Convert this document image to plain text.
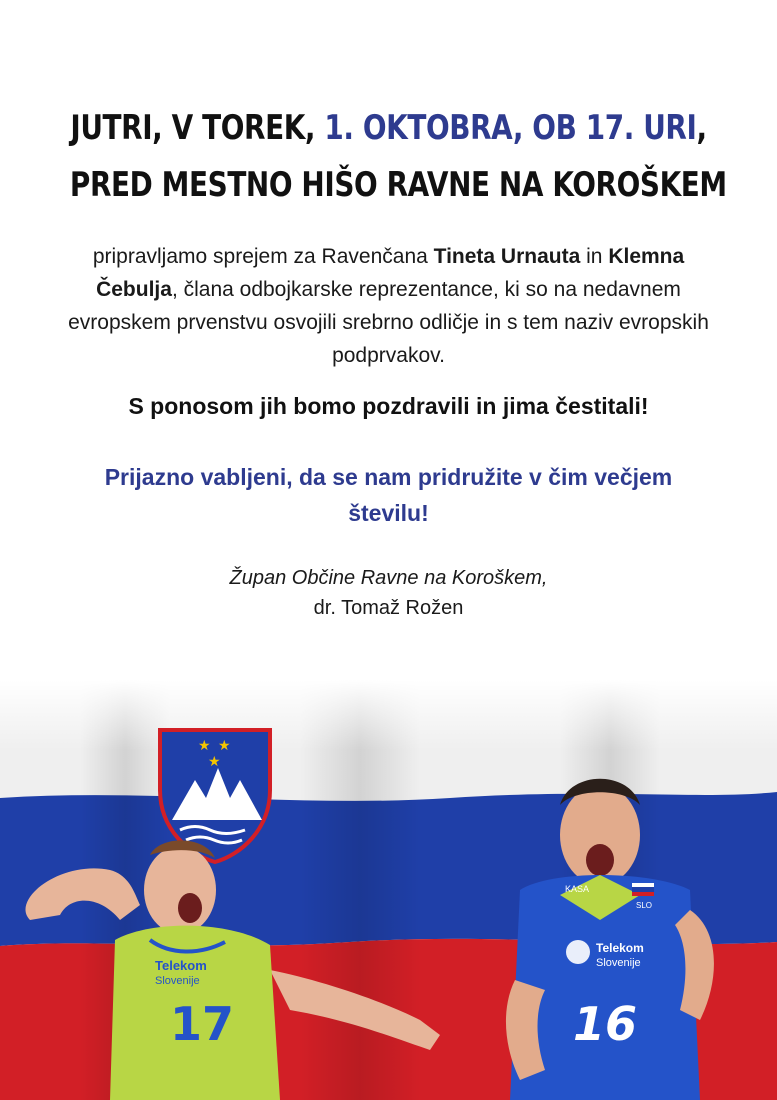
JUTRI, V TOREK, 1. OKTOBRA, OB 17. URI,
PRED MESTNO HIŠO RAVNE NA KOROŠKEM
pripravljamo sprejem za Ravenčana Tineta Urnauta in Klemna Čebulja, člana odbojkarske reprezentance, ki so na nedavnem evropskem prvenstvu osvojili srebrno odličje in s tem naziv evropskih podprvakov.
S ponosom jih bomo pozdravili in jima čestitali!
Prijazno vabljeni, da se nam pridružite v čim večjem številu!
Župan Občine Ravne na Koroškem,
dr. Tomaž Rožen
★ ★
★
Telekom
Slovenije
17
SLO
KASA
Telekom
Slovenije
16
